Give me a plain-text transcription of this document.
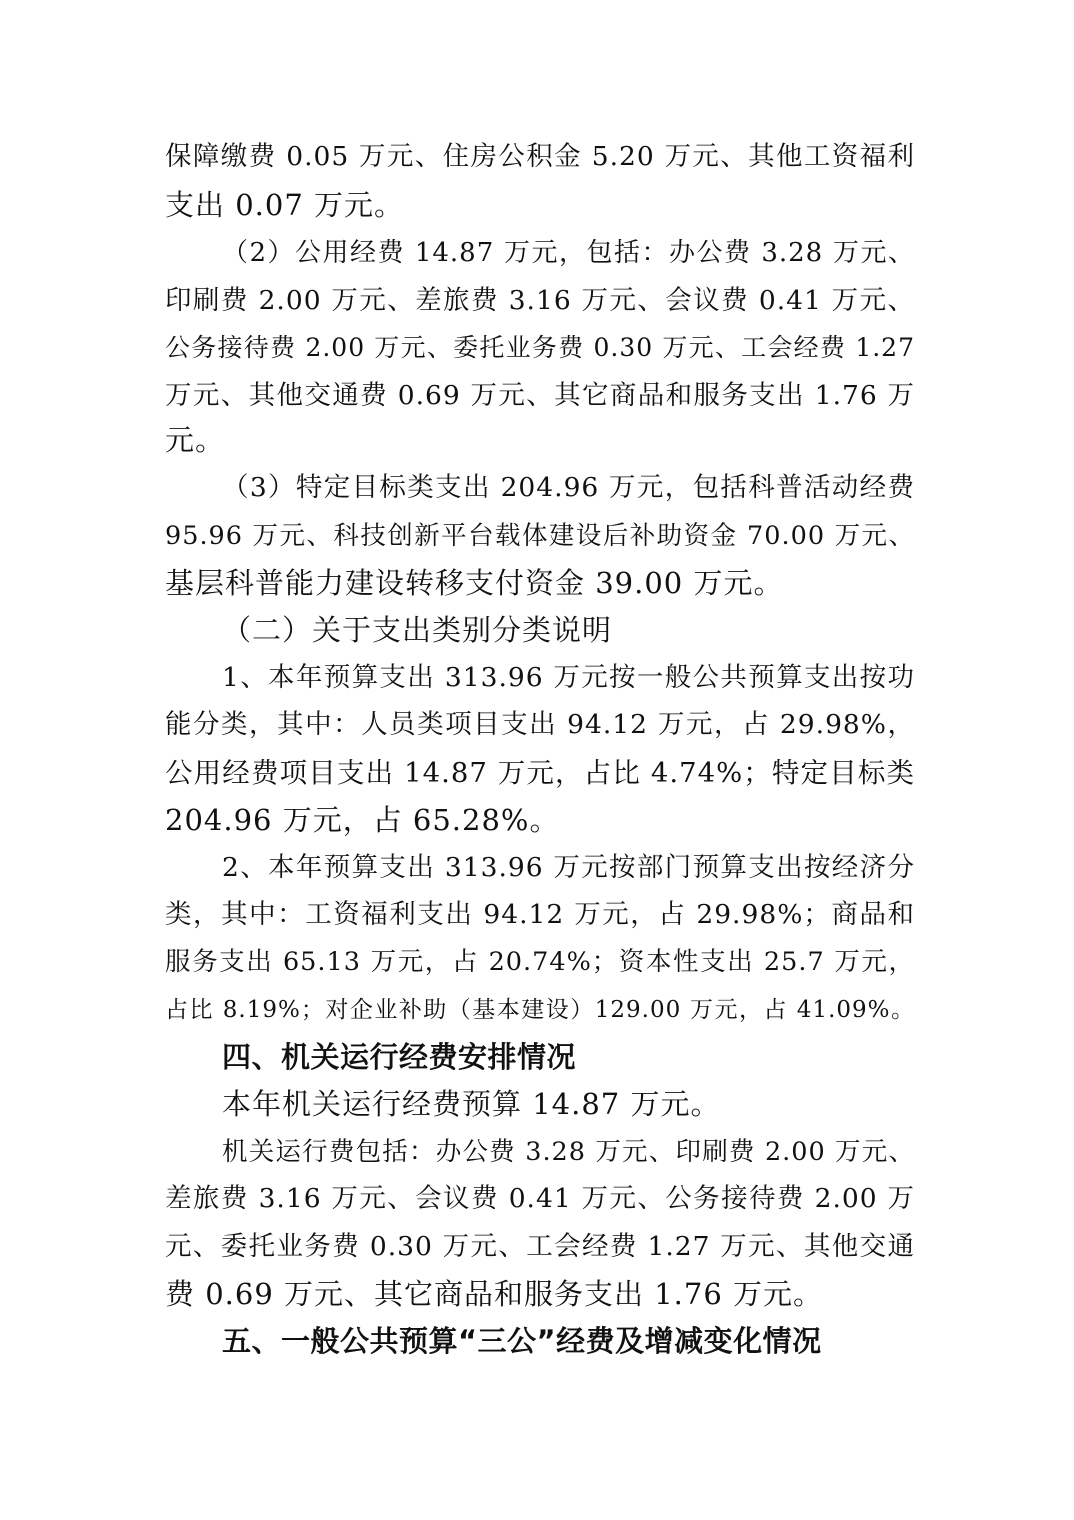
保障缴费 0.05 万元、住房公积金 5.20 万元、其他工资福利
支出 0.07 万元。
（2）公用经费 14.87 万元，包括：办公费 3.28 万元、
印刷费 2.00 万元、差旅费 3.16 万元、会议费 0.41 万元、
公务接待费 2.00 万元、委托业务费 0.30 万元、工会经费 1.27
万元、其他交通费 0.69 万元、其它商品和服务支出 1.76 万
元。
（3）特定目标类支出 204.96 万元，包括科普活动经费
95.96 万元、科技创新平台载体建设后补助资金 70.00 万元、
基层科普能力建设转移支付资金 39.00 万元。
（二）关于支出类别分类说明
1、本年预算支出 313.96 万元按一般公共预算支出按功
能分类，其中：人员类项目支出 94.12 万元，占 29.98%，
公用经费项目支出 14.87 万元，占比 4.74%；特定目标类
204.96 万元，占 65.28%。
2、本年预算支出 313.96 万元按部门预算支出按经济分
类，其中：工资福利支出 94.12 万元，占 29.98%；商品和
服务支出 65.13 万元，占 20.74%；资本性支出 25.7 万元，
占比 8.19%；对企业补助（基本建设）129.00 万元，占 41.09%。
四、机关运行经费安排情况
本年机关运行经费预算 14.87 万元。
机关运行费包括：办公费 3.28 万元、印刷费 2.00 万元、
差旅费 3.16 万元、会议费 0.41 万元、公务接待费 2.00 万
元、委托业务费 0.30 万元、工会经费 1.27 万元、其他交通
费 0.69 万元、其它商品和服务支出 1.76 万元。
五、一般公共预算“三公”经费及增减变化情况
